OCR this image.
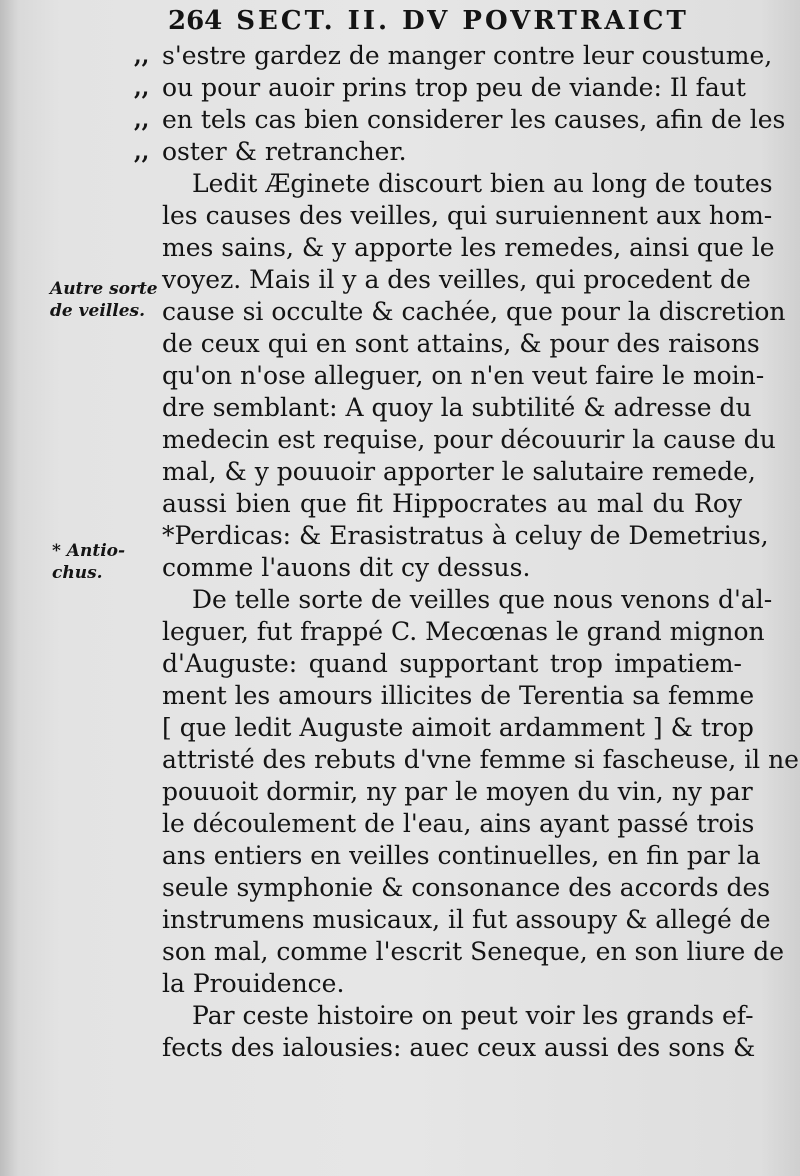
264 SECT. II. DV POVRTRAICT
Autre sorte
de veilles.
* Antio-
chus.
,, s'estre gardez de manger contre leur coustume,
,, ou pour auoir prins trop peu de viande: Il faut
,, en tels cas bien considerer les causes, afin de les
,, oster & retrancher.
Ledit Æginete discourt bien au long de toutes
les causes des veilles, qui suruiennent aux hom-
mes sains, & y apporte les remedes, ainsi que le
voyez. Mais il y a des veilles, qui procedent de
cause si occulte & cachée, que pour la discretion
de ceux qui en sont attains, & pour des raisons
qu'on n'ose alleguer, on n'en veut faire le moin-
dre semblant: A quoy la subtilité & adresse du
medecin est requise, pour découurir la cause du
mal, & y pouuoir apporter le salutaire remede,
aussi bien que fit Hippocrates au mal du Roy
*Perdicas: & Erasistratus à celuy de Demetrius,
comme l'auons dit cy dessus.
De telle sorte de veilles que nous venons d'al-
leguer, fut frappé C. Mecœnas le grand mignon
d'Auguste: quand supportant trop impatiem-
ment les amours illicites de Terentia sa femme
[ que ledit Auguste aimoit ardamment ] & trop
attristé des rebuts d'vne femme si fascheuse, il ne
pouuoit dormir, ny par le moyen du vin, ny par
le découlement de l'eau, ains ayant passé trois
ans entiers en veilles continuelles, en fin par la
seule symphonie & consonance des accords des
instrumens musicaux, il fut assoupy & allegé de
son mal, comme l'escrit Seneque, en son liure de
la Prouidence.
Par ceste histoire on peut voir les grands ef-
fects des ialousies: auec ceux aussi des sons &
